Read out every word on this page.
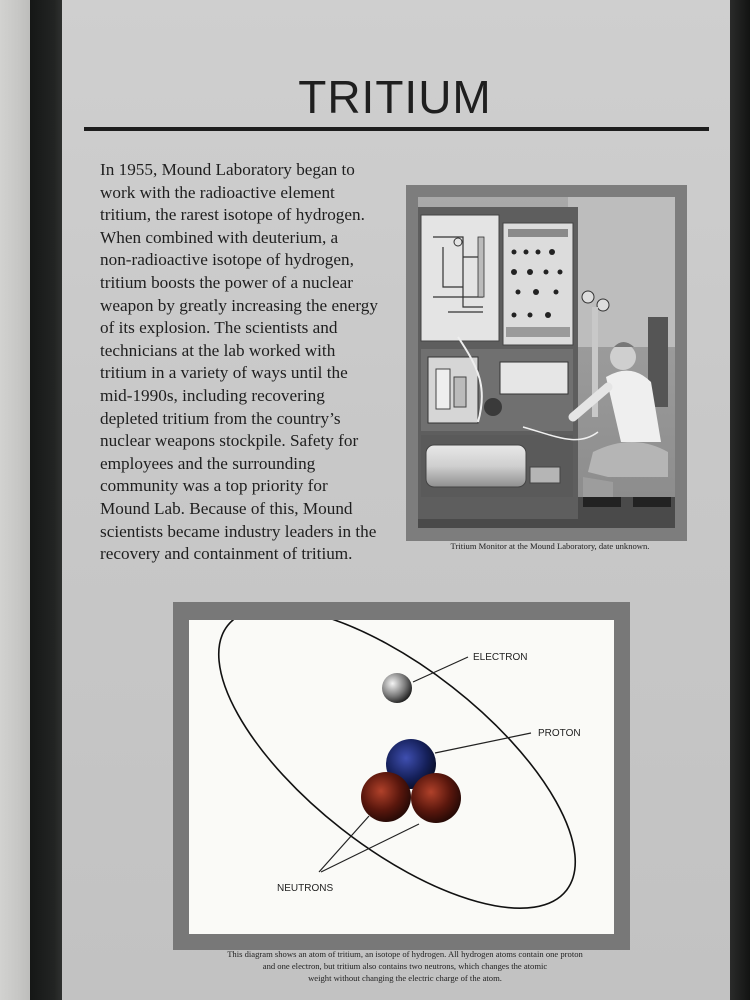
TRITIUM
In 1955, Mound Laboratory began to
work with the radioactive element
tritium, the rarest isotope of hydrogen.
When combined with deuterium, a
non-radioactive isotope of hydrogen,
tritium boosts the power of a nuclear
weapon by greatly increasing the energy
of its explosion. The scientists and
technicians at the lab worked with
tritium in a variety of ways until the
mid-1990s, including recovering
depleted tritium from the country’s
nuclear weapons stockpile. Safety for
employees and the surrounding
community was a top priority for
Mound Lab. Because of this, Mound
scientists became industry leaders in the
recovery and containment of tritium.	Tritium Monitor at the Mound Laboratory, date unknown.
ELECTRON
PROTON
NEUTRONS
This diagram shows an atom of tritium, an isotope of hydrogen. All hydrogen atoms contain one proton
and one electron, but tritium also contains two neutrons, which changes the atomic
weight without changing the electric charge of the atom.
